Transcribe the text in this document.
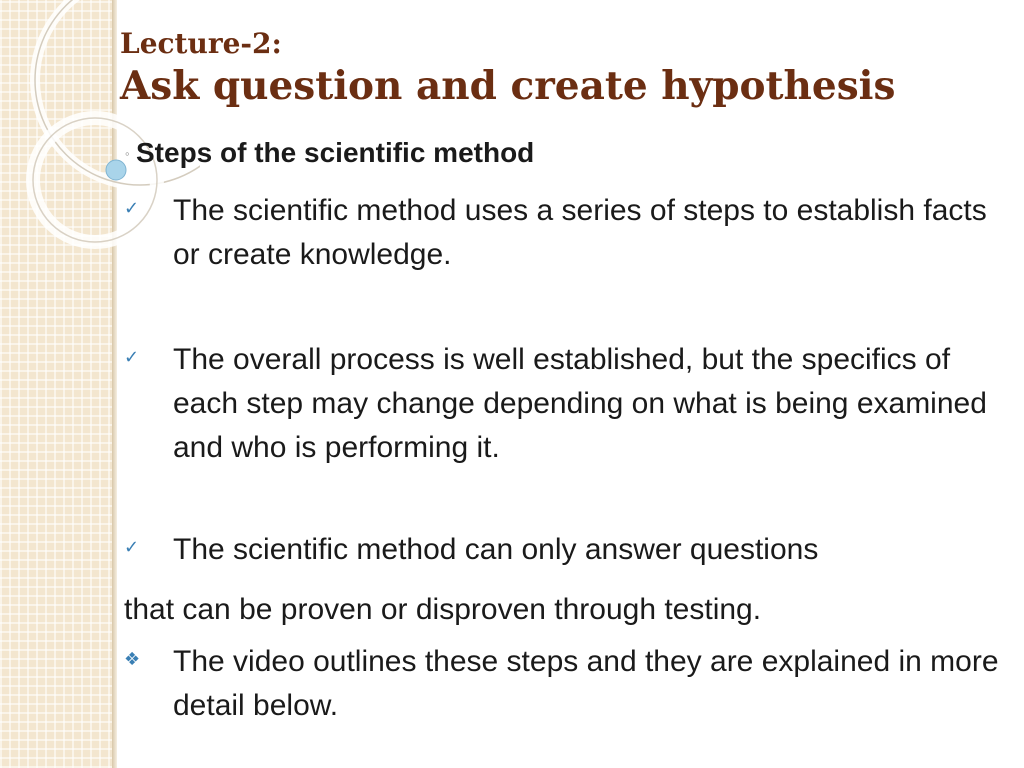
Lecture-2:
Ask question and create hypothesis
◦ Steps of the scientific method
✓ The scientific method uses a series of steps to establish facts or create knowledge.
✓ The overall process is well established, but the specifics of each step may change depending on what is being examined and who is performing it.
✓ The scientific method can only answer questions
that can be proven or disproven through testing.
❖ The video outlines these steps and they are explained in more detail below.
